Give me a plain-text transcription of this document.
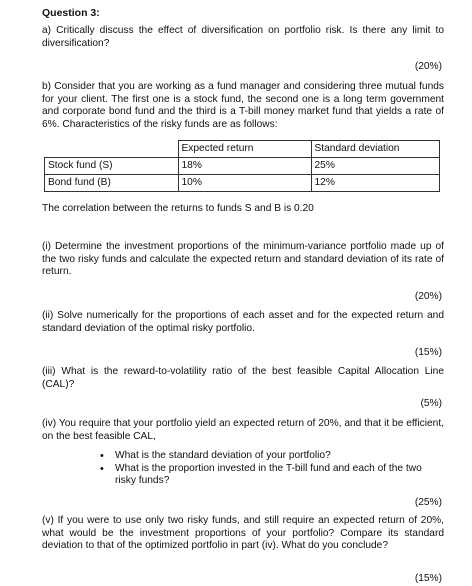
Question 3:
a) Critically discuss the effect of diversification on portfolio risk. Is there any limit to diversification?
(20%)
b) Consider that you are working as a fund manager and considering three mutual funds for your client. The first one is a stock fund, the second one is a long term government and corporate bond fund and the third is a T-bill money market fund that yields a rate of 6%. Characteristics of the risky funds are as follows:
	Expected return	Standard deviation
Stock fund (S)	18%	25%
Bond fund (B)	10%	12%
The correlation between the returns to funds S and B is 0.20
(i) Determine the investment proportions of the minimum-variance portfolio made up of the two risky funds and calculate the expected return and standard deviation of its rate of return.
(20%)
(ii) Solve numerically for the proportions of each asset and for the expected return and standard deviation of the optimal risky portfolio.
(15%)
(iii) What is the reward-to-volatility ratio of the best feasible Capital Allocation Line (CAL)?
(5%)
(iv) You require that your portfolio yield an expected return of 20%, and that it be efficient, on the best feasible CAL,
• What is the standard deviation of your portfolio?
• What is the proportion invested in the T-bill fund and each of the two risky funds?
(25%)
(v) If you were to use only two risky funds, and still require an expected return of 20%, what would be the investment proportions of your portfolio? Compare its standard deviation to that of the optimized portfolio in part (iv). What do you conclude?
(15%)
